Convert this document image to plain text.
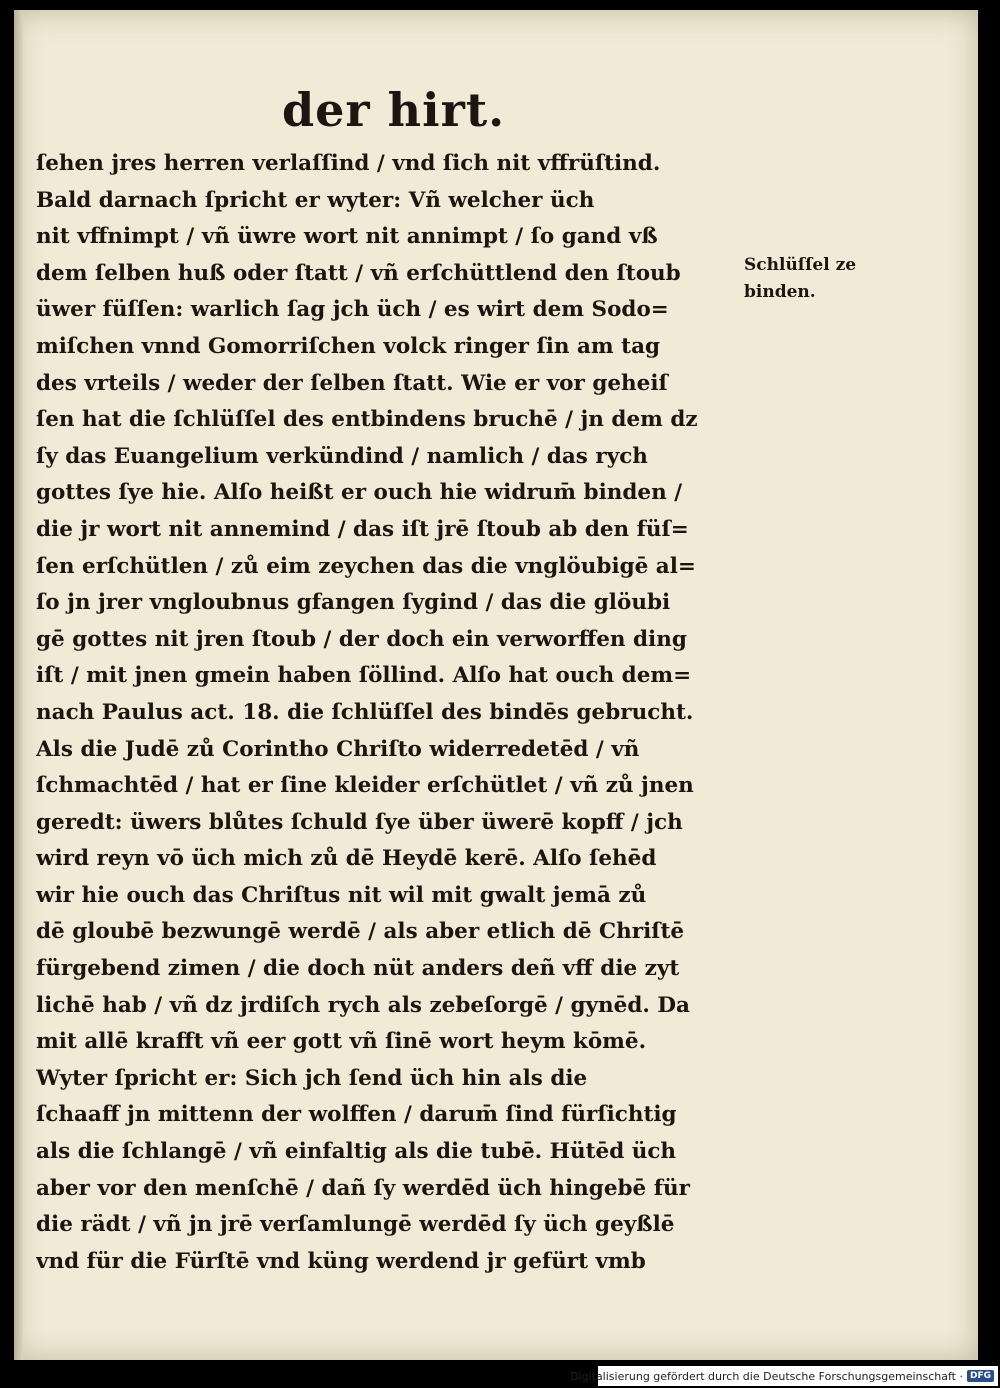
der hirt.
ſehen jres herren verlaſſind / vnd ſich nit vffrüſtind.
Bald darnach ſpricht er wyter: Vñ welcher üch
nit vffnimpt / vñ üwre wort nit annimpt / ſo gand vß
dem ſelben huß oder ſtatt / vñ erſchüttlend den ſtoub
üwer füſſen: warlich ſag jch üch / es wirt dem Sodo=
miſchen vnnd Gomorriſchen volck ringer ſin am tag
des vrteils / weder der ſelben ſtatt. Wie er vor geheiſ
ſen hat die ſchlüſſel des entbindens bruchē / jn dem dz
ſy das Euangelium verkündind / namlich / das rych
gottes ſye hie. Alſo heißt er ouch hie widrum̄ binden /
die jr wort nit annemind / das iſt jrē ſtoub ab den füſ=
ſen erſchütlen / zů eim zeychen das die vnglöubigē al=
ſo jn jrer vngloubnus gfangen ſygind / das die glöubi
gē gottes nit jren ſtoub / der doch ein verworffen ding
iſt / mit jnen gmein haben ſöllind. Alſo hat ouch dem=
nach Paulus act. 18. die ſchlüſſel des bindēs gebrucht.
Als die Judē zů Corintho Chriſto widerredetēd / vñ
ſchmachtēd / hat er ſine kleider erſchütlet / vñ zů jnen
geredt: üwers blůtes ſchuld ſye über üwerē kopff / jch
wird reyn vō üch mich zů dē Heydē kerē. Alſo ſehēd
wir hie ouch das Chriſtus nit wil mit gwalt jemā zů
dē gloubē bezwungē werdē / als aber etlich dē Chriſtē
fürgebend zimen / die doch nüt anders deñ vff die zyt
lichē hab / vñ dz jrdiſch rych als zebeſorgē / gynēd. Da
mit allē krafft vñ eer gott vñ ſinē wort heym kōmē.
Wyter ſpricht er: Sich jch ſend üch hin als die
ſchaaff jn mittenn der wolffen / darum̄ ſind fürſichtig
als die ſchlangē / vñ einfaltig als die tubē. Hütēd üch
aber vor den menſchē / dañ ſy werdēd üch hingebē für
die rädt / vñ jn jrē verſamlungē werdēd ſy üch geyßlē
vnd für die Fürſtē vnd küng werdend jr gefürt vmb
Schlüſſel ze
binden.
Digitalisierung gefördert durch die Deutsche Forschungsgemeinschaft · DFG
